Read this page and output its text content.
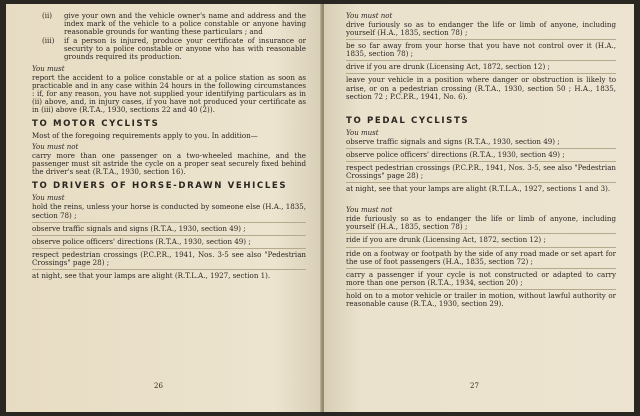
(ii)	give your own and the vehicle owner's name and address and the index mark of the vehicle to a police constable or anyone having reasonable grounds for wanting these particulars ; and
(iii)	if a person is injured, produce your certificate of insurance or security to a police constable or anyone who has with reasonable grounds required its production.
You must

report the accident to a police constable or at a police station as soon as practicable and in any case within 24 hours in the following circumstances : if, for any reason, you have not supplied your identifying particulars as in (ii) above, and, in injury cases, if you have not produced your certificate as in (iii) above (R.T.A., 1930, sections 22 and 40 (2)).

TO MOTOR CYCLISTS

Most of the foregoing requirements apply to you. In addition—

You must not

carry more than one passenger on a two-wheeled machine, and the passenger must sit astride the cycle on a proper seat securely fixed behind the driver's seat (R.T.A., 1930, section 16).

TO DRIVERS OF HORSE-DRAWN VEHICLES
You must

hold the reins, unless your horse is conducted by someone else (H.A., 1835, section 78) ;

observe traffic signals and signs (R.T.A., 1930, section 49) ;

observe police officers' directions (R.T.A., 1930, section 49) ;

respect pedestrian crossings (P.C.P.R., 1941, Nos. 3-5 see also "Pedestrian Crossings" page 28) ;

at night, see that your lamps are alight (R.T.L.A., 1927, section 1).

26
You must not

drive furiously so as to endanger the life or limb of anyone, including yourself (H.A., 1835, section 78) ;

be so far away from your horse that you have not control over it (H.A., 1835, section 78) ;

drive if you are drunk (Licensing Act, 1872, section 12) ;

leave your vehicle in a position where danger or obstruction is likely to arise, or on a pedestrian crossing (R.T.A., 1930, section 50 ; H.A., 1835, section 72 ; P.C.P.R., 1941, No. 6).

TO PEDAL CYCLISTS
You must

observe traffic signals and signs (R.T.A., 1930, section 49) ;

observe police officers' directions (R.T.A., 1930, section 49) ;

respect pedestrian crossings (P.C.P.R., 1941, Nos. 3-5, see also "Pedestrian Crossings" page 28) ;

at night, see that your lamps are alight (R.T.L.A., 1927, sections 1 and 3).

You must not

ride furiously so as to endanger the life or limb of anyone, including yourself (H.A., 1835, section 78) ;

ride if you are drunk (Licensing Act, 1872, section 12) ;

ride on a footway or footpath by the side of any road made or set apart for the use of foot passengers (H.A., 1835, section 72) ;

carry a passenger if your cycle is not constructed or adapted to carry more than one person (R.T.A., 1934, section 20) ;

hold on to a motor vehicle or trailer in motion, without lawful authority or reasonable cause (R.T.A., 1930, section 29).

27
